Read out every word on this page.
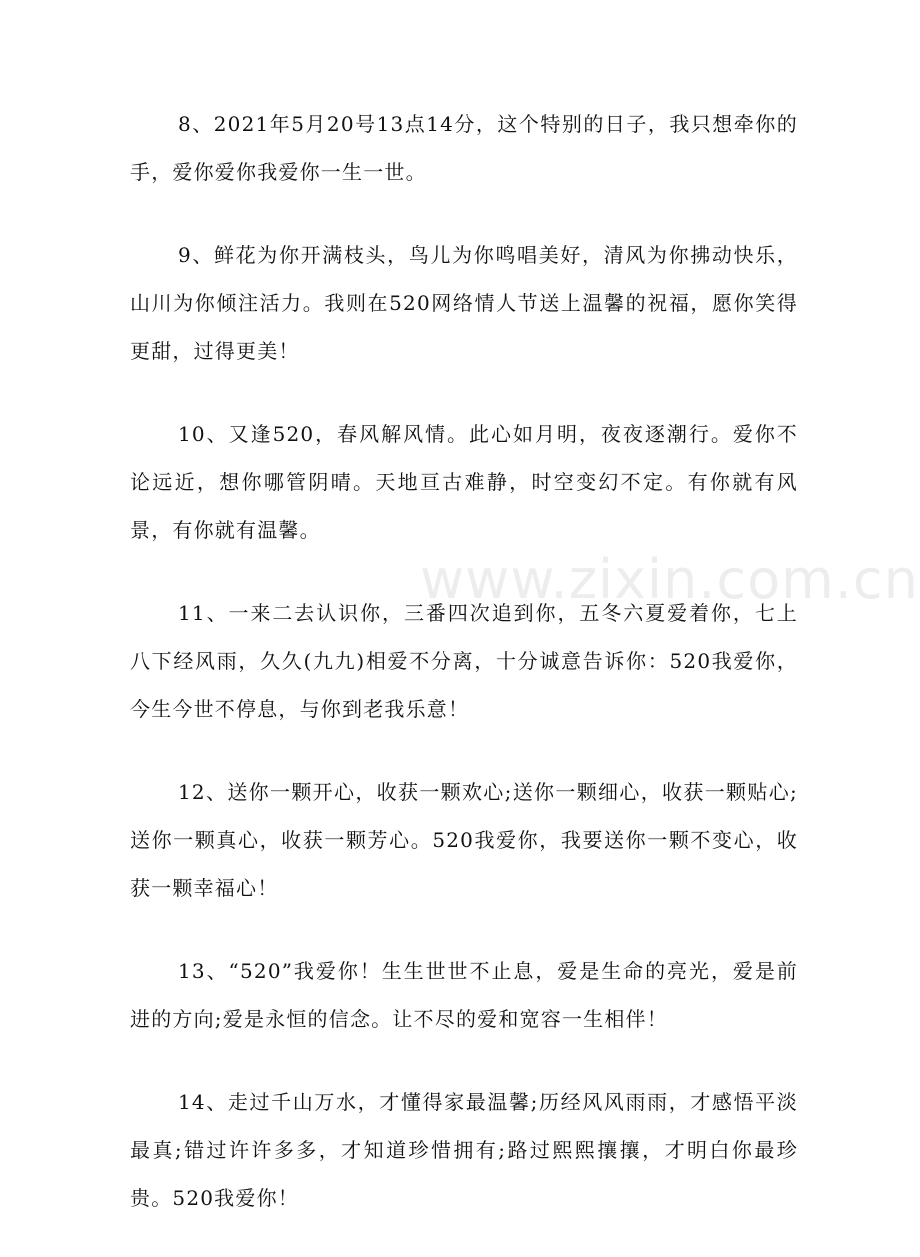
8、2021年5月20号13点14分，这个特别的日子，我只想牵你的手，爱你爱你我爱你一生一世。

9、鲜花为你开满枝头，鸟儿为你鸣唱美好，清风为你拂动快乐，山川为你倾注活力。我则在520网络情人节送上温馨的祝福，愿你笑得更甜，过得更美！

10、又逢520，春风解风情。此心如月明，夜夜逐潮行。爱你不论远近，想你哪管阴晴。天地亘古难静，时空变幻不定。有你就有风景，有你就有温馨。

11、一来二去认识你，三番四次追到你，五冬六夏爱着你，七上八下经风雨，久久(九九)相爱不分离，十分诚意告诉你：520我爱你，今生今世不停息，与你到老我乐意！

12、送你一颗开心，收获一颗欢心;送你一颗细心，收获一颗贴心;送你一颗真心，收获一颗芳心。520我爱你，我要送你一颗不变心，收获一颗幸福心！

13、“520”我爱你！生生世世不止息，爱是生命的亮光，爱是前进的方向;爱是永恒的信念。让不尽的爱和宽容一生相伴！

14、走过千山万水，才懂得家最温馨;历经风风雨雨，才感悟平淡最真;错过许许多多，才知道珍惜拥有;路过熙熙攘攘，才明白你最珍贵。520我爱你！

www.zixin.com.cn
